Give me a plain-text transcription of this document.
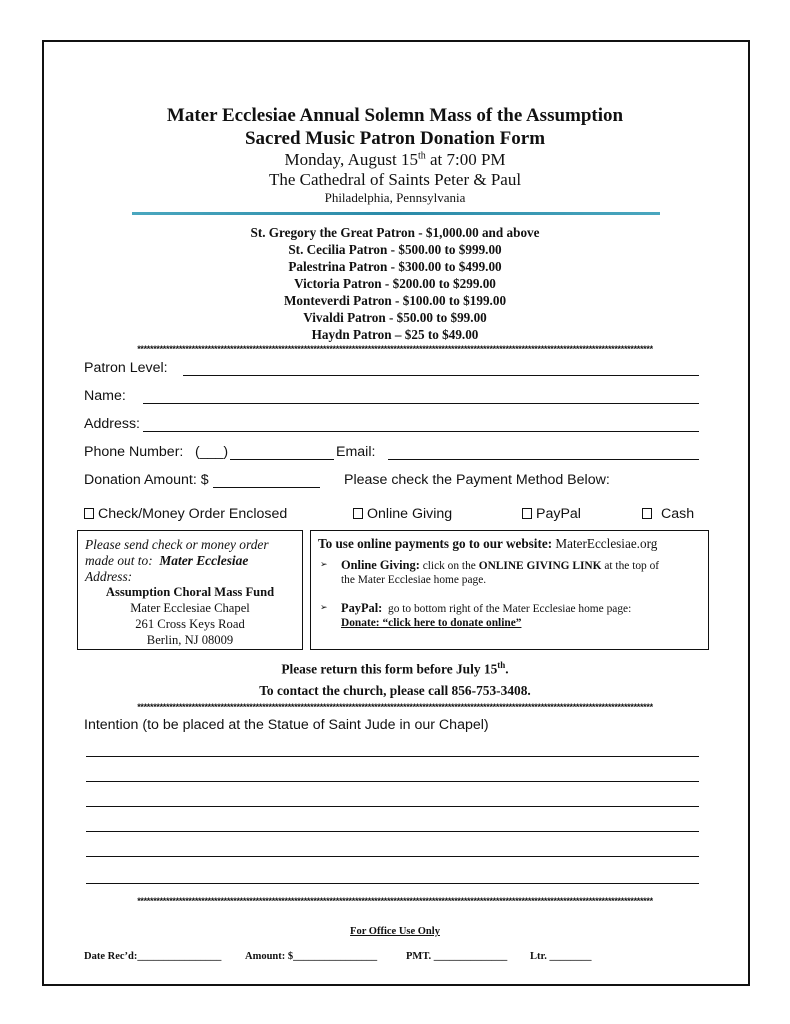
Mater Ecclesiae Annual Solemn Mass of the Assumption
Sacred Music Patron Donation Form
Monday, August 15th at 7:00 PM
The Cathedral of Saints Peter & Paul
Philadelphia, Pennsylvania
St. Gregory the Great Patron - $1,000.00 and above
St. Cecilia Patron - $500.00 to $999.00
Palestrina Patron - $300.00 to $499.00
Victoria Patron - $200.00 to $299.00
Monteverdi Patron - $100.00 to $199.00
Vivaldi Patron - $50.00 to $99.00
Haydn Patron – $25 to $49.00
*****************************************************************************************************************************************************************
Patron Level:
Name:
Address:
Phone Number: (___)	Email:
Donation Amount: $	Please check the Payment Method Below:
Check/Money Order Enclosed	Online Giving	PayPal	Cash
Please send check or money order
made out to: Mater Ecclesiae
Address:
Assumption Choral Mass Fund
Mater Ecclesiae Chapel
261 Cross Keys Road
Berlin, NJ 08009
To use online payments go to our website: MaterEcclesiae.org
➢ Online Giving: click on the ONLINE GIVING LINK at the top of
the Mater Ecclesiae home page.
➢ PayPal: go to bottom right of the Mater Ecclesiae home page:
Donate: “click here to donate online”
Please return this form before July 15th.
To contact the church, please call 856-753-3408.
*****************************************************************************************************************************************************************
Intention (to be placed at the Statue of Saint Jude in our Chapel)
*****************************************************************************************************************************************************************
For Office Use Only
Date Rec’d:________________ Amount: $________________	PMT. ______________ Ltr. ________
